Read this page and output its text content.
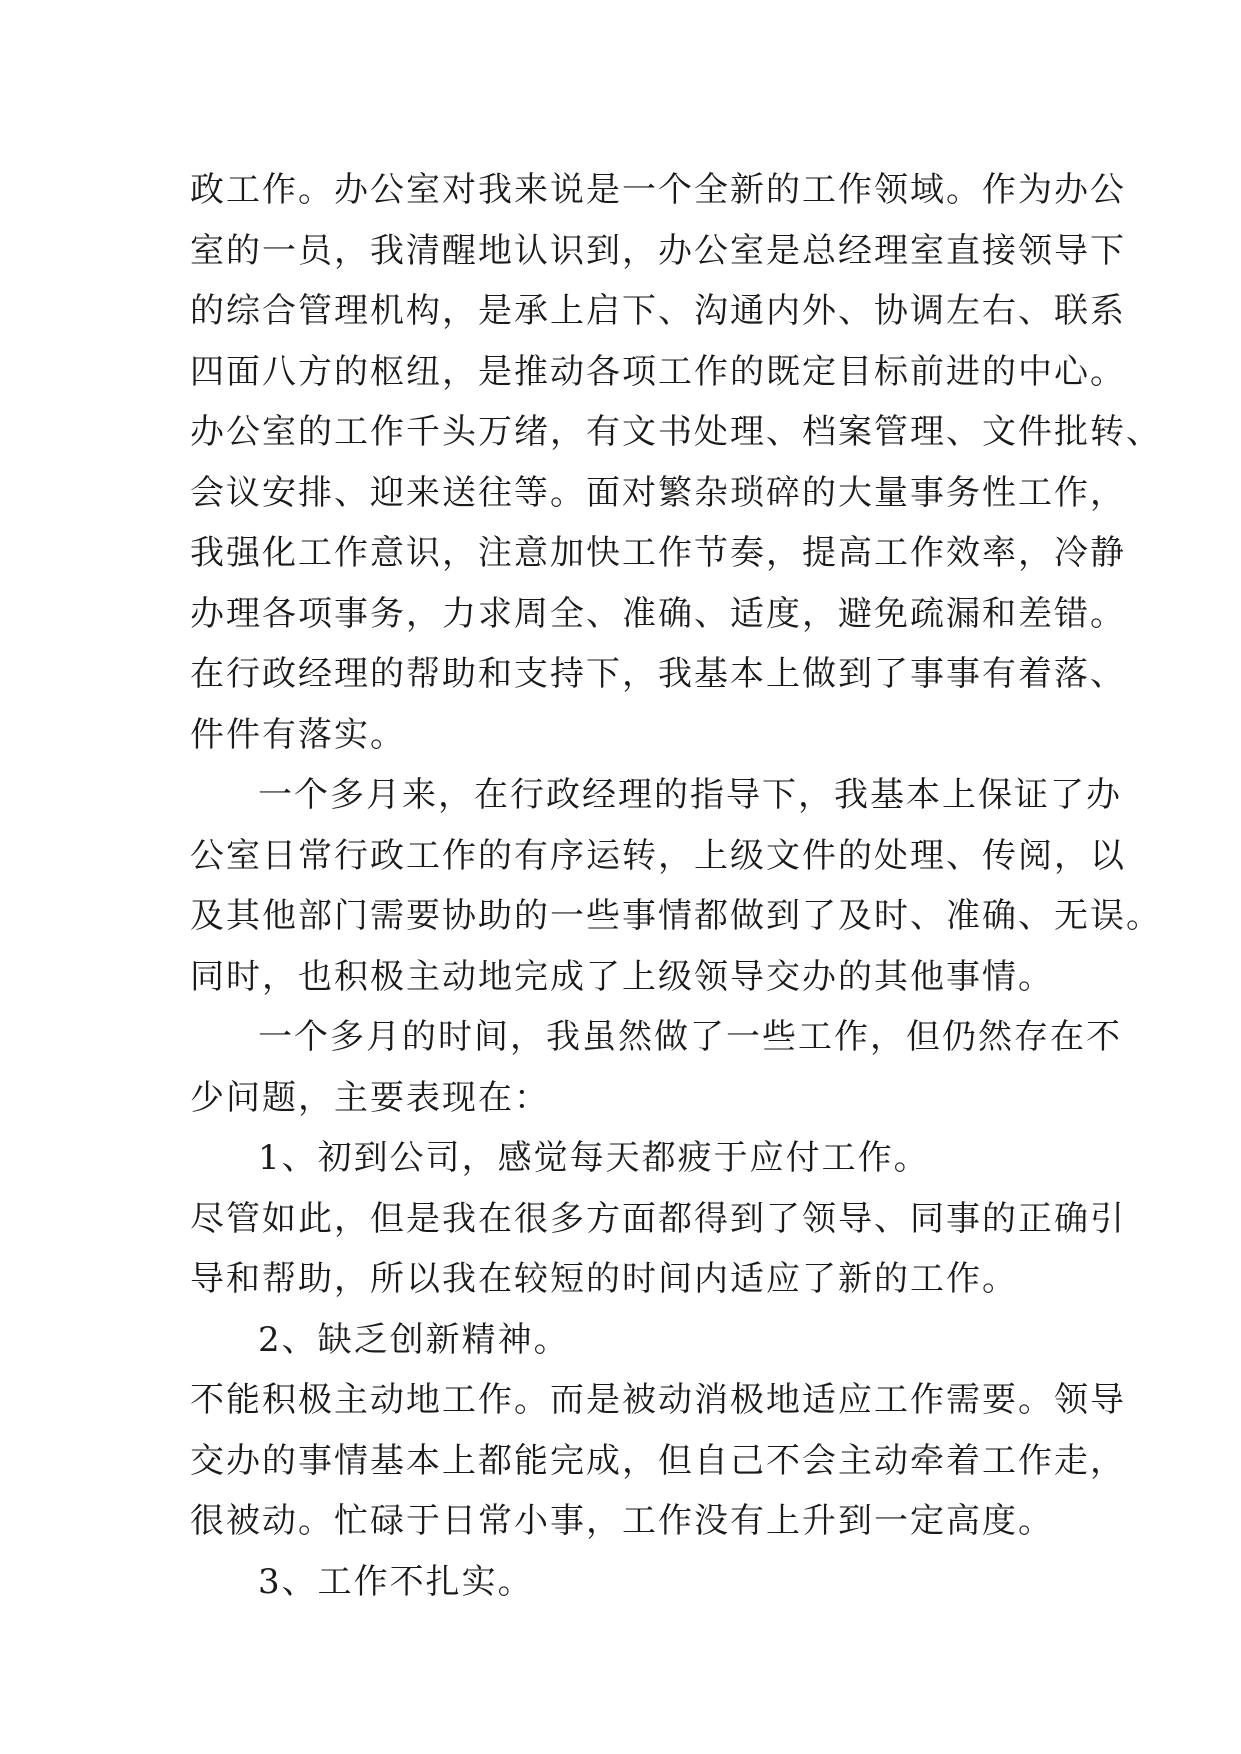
政工作。办公室对我来说是一个全新的工作领域。作为办公
室的一员，我清醒地认识到，办公室是总经理室直接领导下
的综合管理机构，是承上启下、沟通内外、协调左右、联系
四面八方的枢纽，是推动各项工作的既定目标前进的中心。
办公室的工作千头万绪，有文书处理、档案管理、文件批转、
会议安排、迎来送往等。面对繁杂琐碎的大量事务性工作，
我强化工作意识，注意加快工作节奏，提高工作效率，冷静
办理各项事务，力求周全、准确、适度，避免疏漏和差错。
在行政经理的帮助和支持下，我基本上做到了事事有着落、
件件有落实。
一个多月来，在行政经理的指导下，我基本上保证了办
公室日常行政工作的有序运转，上级文件的处理、传阅，以
及其他部门需要协助的一些事情都做到了及时、准确、无误。
同时，也积极主动地完成了上级领导交办的其他事情。
一个多月的时间，我虽然做了一些工作，但仍然存在不
少问题，主要表现在：
1、初到公司，感觉每天都疲于应付工作。
尽管如此，但是我在很多方面都得到了领导、同事的正确引
导和帮助，所以我在较短的时间内适应了新的工作。
2、缺乏创新精神。
不能积极主动地工作。而是被动消极地适应工作需要。领导
交办的事情基本上都能完成，但自己不会主动牵着工作走，
很被动。忙碌于日常小事，工作没有上升到一定高度。
3、工作不扎实。
